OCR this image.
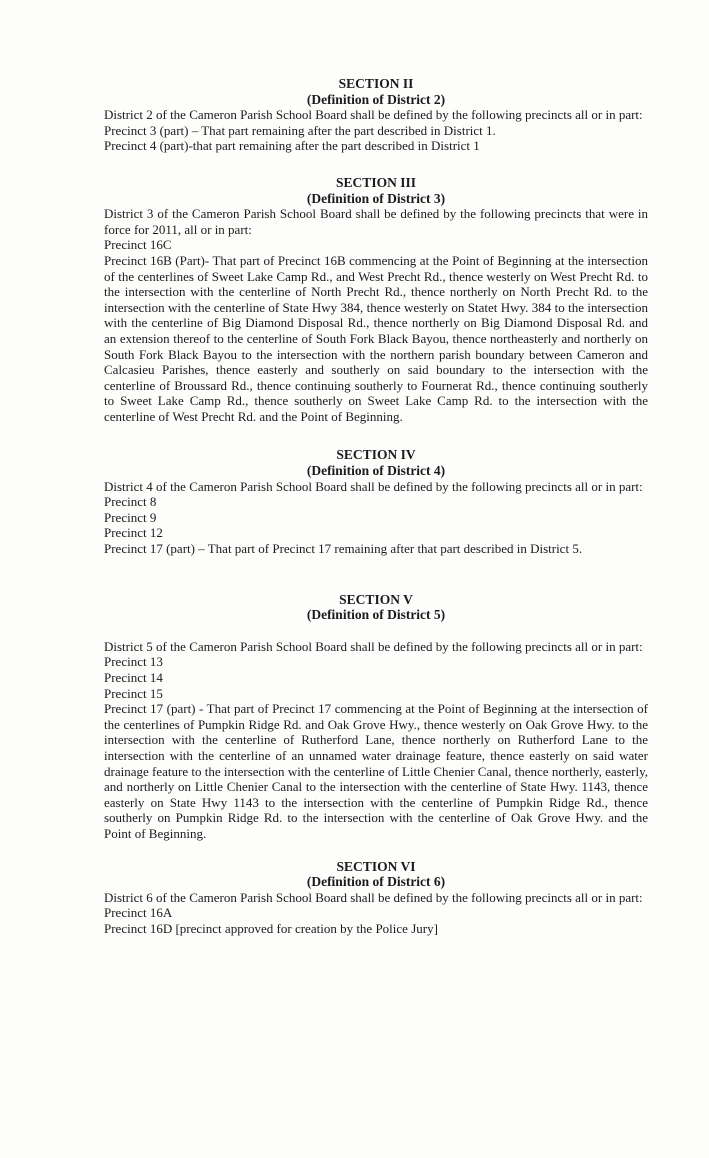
SECTION II
(Definition of District 2)

District 2 of the Cameron Parish School Board shall be defined by the following precincts all or in part:

Precinct 3 (part) – That part remaining after the part described in District 1.

Precinct 4 (part)-that part remaining after the part described in District 1

SECTION III
(Definition of District 3)

District 3 of the Cameron Parish School Board shall be defined by the following precincts that were in force for 2011, all or in part:

Precinct 16C

Precinct 16B (Part)- That part of Precinct 16B commencing at the Point of Beginning at the intersection of the centerlines of Sweet Lake Camp Rd., and West Precht Rd., thence westerly on West Precht Rd. to the intersection with the centerline of North Precht Rd., thence northerly on North Precht Rd. to the intersection with the centerline of State Hwy 384, thence westerly on Statet Hwy. 384 to the intersection with the centerline of Big Diamond Disposal Rd., thence northerly on Big Diamond Disposal Rd. and an extension thereof to the centerline of South Fork Black Bayou, thence northeasterly and northerly on South Fork Black Bayou to the intersection with the northern parish boundary between Cameron and Calcasieu Parishes, thence easterly and southerly on said boundary to the intersection with the centerline of Broussard Rd., thence continuing southerly to Fournerat Rd., thence continuing southerly to Sweet Lake Camp Rd., thence southerly on Sweet Lake Camp Rd. to the intersection with the centerline of West Precht Rd. and the Point of Beginning.

SECTION IV
(Definition of District 4)

District 4 of the Cameron Parish School Board shall be defined by the following precincts all or in part:

Precinct 8

Precinct 9

Precinct 12

Precinct 17 (part) – That part of Precinct 17 remaining after that part described in District 5.

SECTION V
(Definition of District 5)

District 5 of the Cameron Parish School Board shall be defined by the following precincts all or in part:

Precinct 13

Precinct 14

Precinct 15

Precinct 17 (part) - That part of Precinct 17 commencing at the Point of Beginning at the intersection of the centerlines of Pumpkin Ridge Rd. and Oak Grove Hwy., thence westerly on Oak Grove Hwy. to the intersection with the centerline of Rutherford Lane, thence northerly on Rutherford Lane to the intersection with the centerline of an unnamed water drainage feature, thence easterly on said water drainage feature to the intersection with the centerline of Little Chenier Canal, thence northerly, easterly, and northerly on Little Chenier Canal to the intersection with the centerline of State Hwy. 1143, thence easterly on State Hwy 1143 to the intersection with the centerline of Pumpkin Ridge Rd., thence southerly on Pumpkin Ridge Rd. to the intersection with the centerline of Oak Grove Hwy. and the Point of Beginning.

SECTION VI
(Definition of District 6)

District 6 of the Cameron Parish School Board shall be defined by the following precincts all or in part:

Precinct 16A

Precinct 16D [precinct approved for creation by the Police Jury]
